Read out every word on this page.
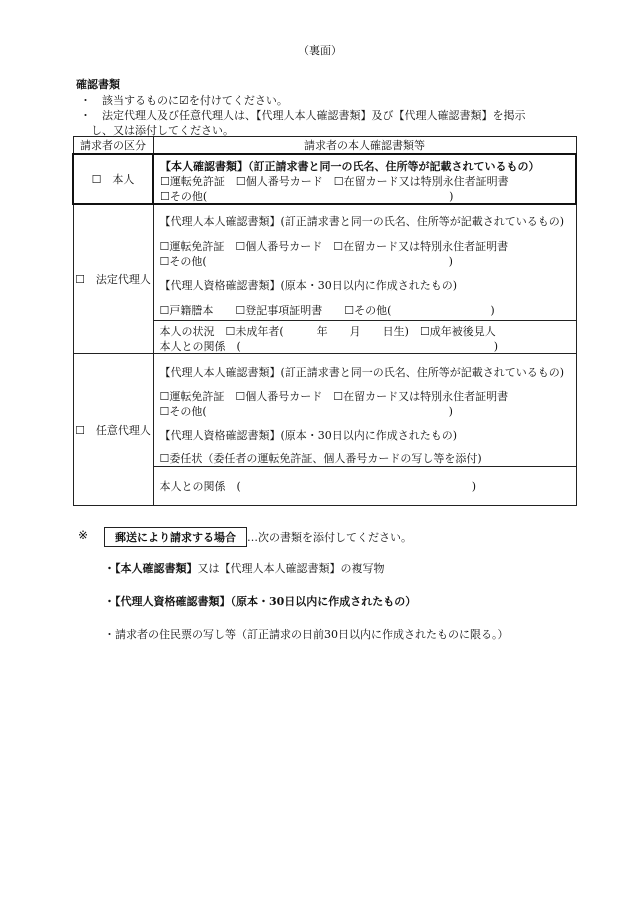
（裏面）
確認書類
・　該当するものに☑を付けてください。
・　法定代理人及び任意代理人は、【代理人本人確認書類】及び【代理人確認書類】を掲示
　し、又は添付してください。
請求者の区分	請求者の本人確認書類等
☐　本人	【本人確認書類】（訂正請求書と同一の氏名、住所等が記載されているもの）
☐運転免許証　☐個人番号カード　☐在留カード又は特別永住者証明書
☐その他(　　　　　　　　　　　　　　　　　　　　　　)

☐　法定代理人	【代理人本人確認書類】(訂正請求書と同一の氏名、住所等が記載されているもの)
☐運転免許証　☐個人番号カード　☐在留カード又は特別永住者証明書
☐その他(　　　　　　　　　　　　　　　　　　　　　　)
【代理人資格確認書類】(原本・30日以内に作成されたもの)
☐戸籍謄本　　☐登記事項証明書　　☐その他(　　　　　　　　　)

	本人の状況　☐未成年者(　　　年　　月　　日生)　☐成年被後見人
本人との関係　(　　　　　　　　　　　　　　　　　　　　　　　)

☐　任意代理人	【代理人本人確認書類】(訂正請求書と同一の氏名、住所等が記載されているもの)
☐運転免許証　☐個人番号カード　☐在留カード又は特別永住者証明書
☐その他(　　　　　　　　　　　　　　　　　　　　　　)
【代理人資格確認書類】(原本・30日以内に作成されたもの)
☐委任状（委任者の運転免許証、個人番号カードの写し等を添付)

	本人との関係　(　　　　　　　　　　　　　　　　　　　　　)
※	郵送により請求する場合 …次の書類を添付してください。
・【本人確認書類】又は【代理人本人確認書類】の複写物
・【代理人資格確認書類】（原本・30日以内に作成されたもの）
・請求者の住民票の写し等（訂正請求の日前30日以内に作成されたものに限る。）
